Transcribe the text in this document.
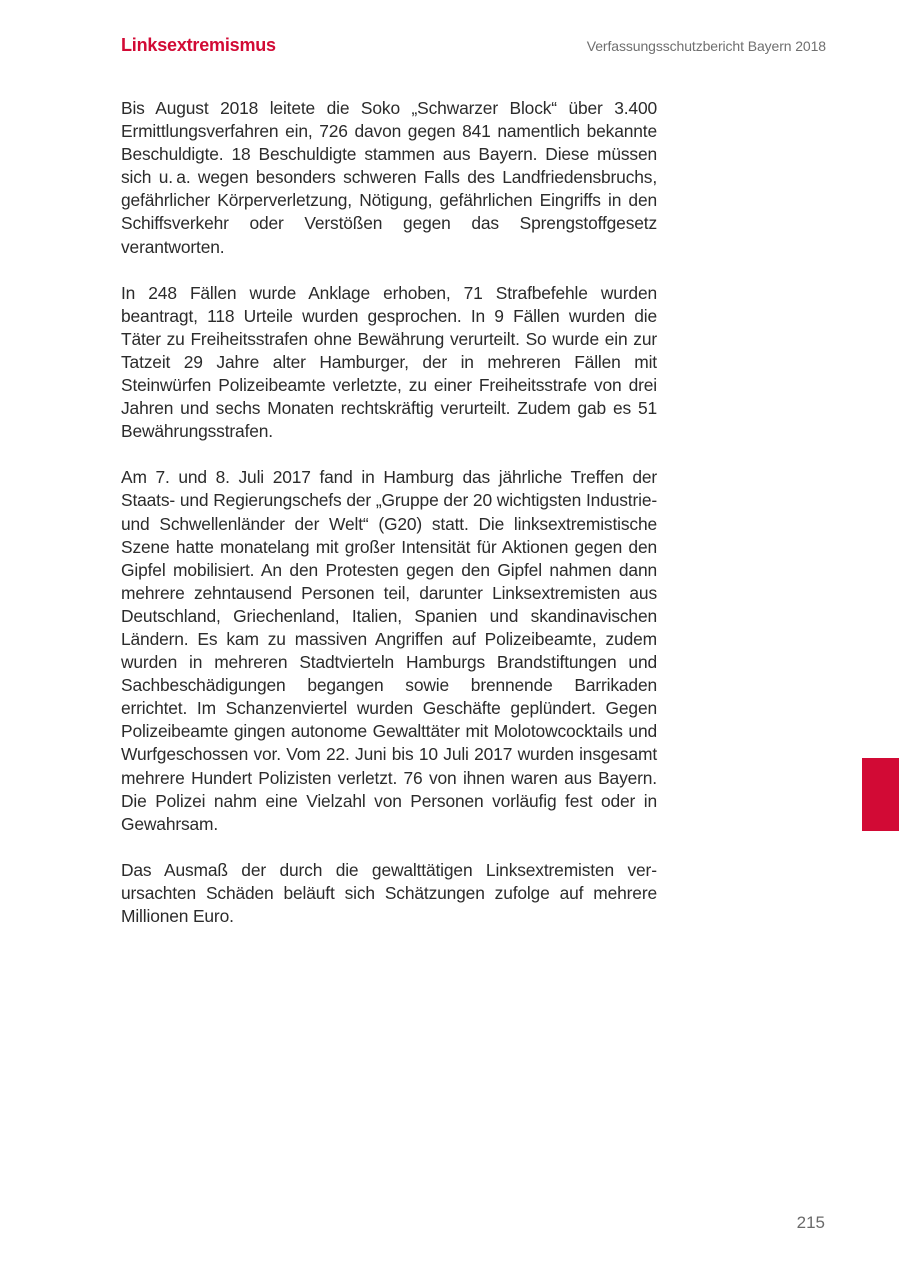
Linksextremismus	Verfassungsschutzbericht Bayern 2018

Bis August 2018 leitete die Soko „Schwarzer Block“ über 3.400 Ermittlungsverfahren ein, 726 davon gegen 841 namentlich bekannte Beschuldigte. 18 Beschuldigte stammen aus Bayern. Diese müssen sich u. a. wegen besonders schweren Falls des Landfriedensbruchs, gefährlicher Körperverletzung, Nötigung, gefährlichen Eingriffs in den Schiffsverkehr oder Verstößen gegen das Sprengstoffgesetz verantworten.

In 248 Fällen wurde Anklage erhoben, 71 Strafbefehle wurden beantragt, 118 Urteile wurden gesprochen. In 9 Fällen wurden die Täter zu Freiheitsstrafen ohne Bewährung verurteilt. So wurde ein zur Tatzeit 29 Jahre alter Hamburger, der in mehreren Fällen mit Steinwürfen Polizeibeamte verletzte, zu einer Freiheitsstrafe von drei Jahren und sechs Monaten rechtskräftig verurteilt. Zudem gab es 51 Bewährungsstrafen.

Am 7. und 8. Juli 2017 fand in Hamburg das jährliche Treffen der Staats- und Regierungschefs der „Gruppe der 20 wichtigsten Industrie- und Schwellenländer der Welt“ (G20) statt. Die linksextremistische Szene hatte monatelang mit großer Intensität für Aktionen gegen den Gipfel mobilisiert. An den Protesten gegen den Gipfel nahmen dann mehrere zehntausend Personen teil, darunter Linksextremisten aus Deutschland, Griechenland, Italien, Spanien und skandinavischen Ländern. Es kam zu massiven Angriffen auf Polizeibeamte, zudem wurden in mehreren Stadtvierteln Hamburgs Brandstiftungen und Sachbeschädigungen begangen sowie brennende Barrikaden errichtet. Im Schanzenviertel wurden Geschäfte geplündert. Gegen Polizeibeamte gingen autonome Gewalttäter mit Molotowcocktails und Wurfgeschossen vor. Vom 22. Juni bis 10 Juli 2017 wurden insgesamt mehrere Hundert Polizisten verletzt. 76 von ihnen waren aus Bayern. Die Polizei nahm eine Vielzahl von Personen vorläufig fest oder in Gewahrsam.

Das Ausmaß der durch die gewalttätigen Linksextremisten verursachten Schäden beläuft sich Schätzungen zufolge auf mehrere Millionen Euro.

215
